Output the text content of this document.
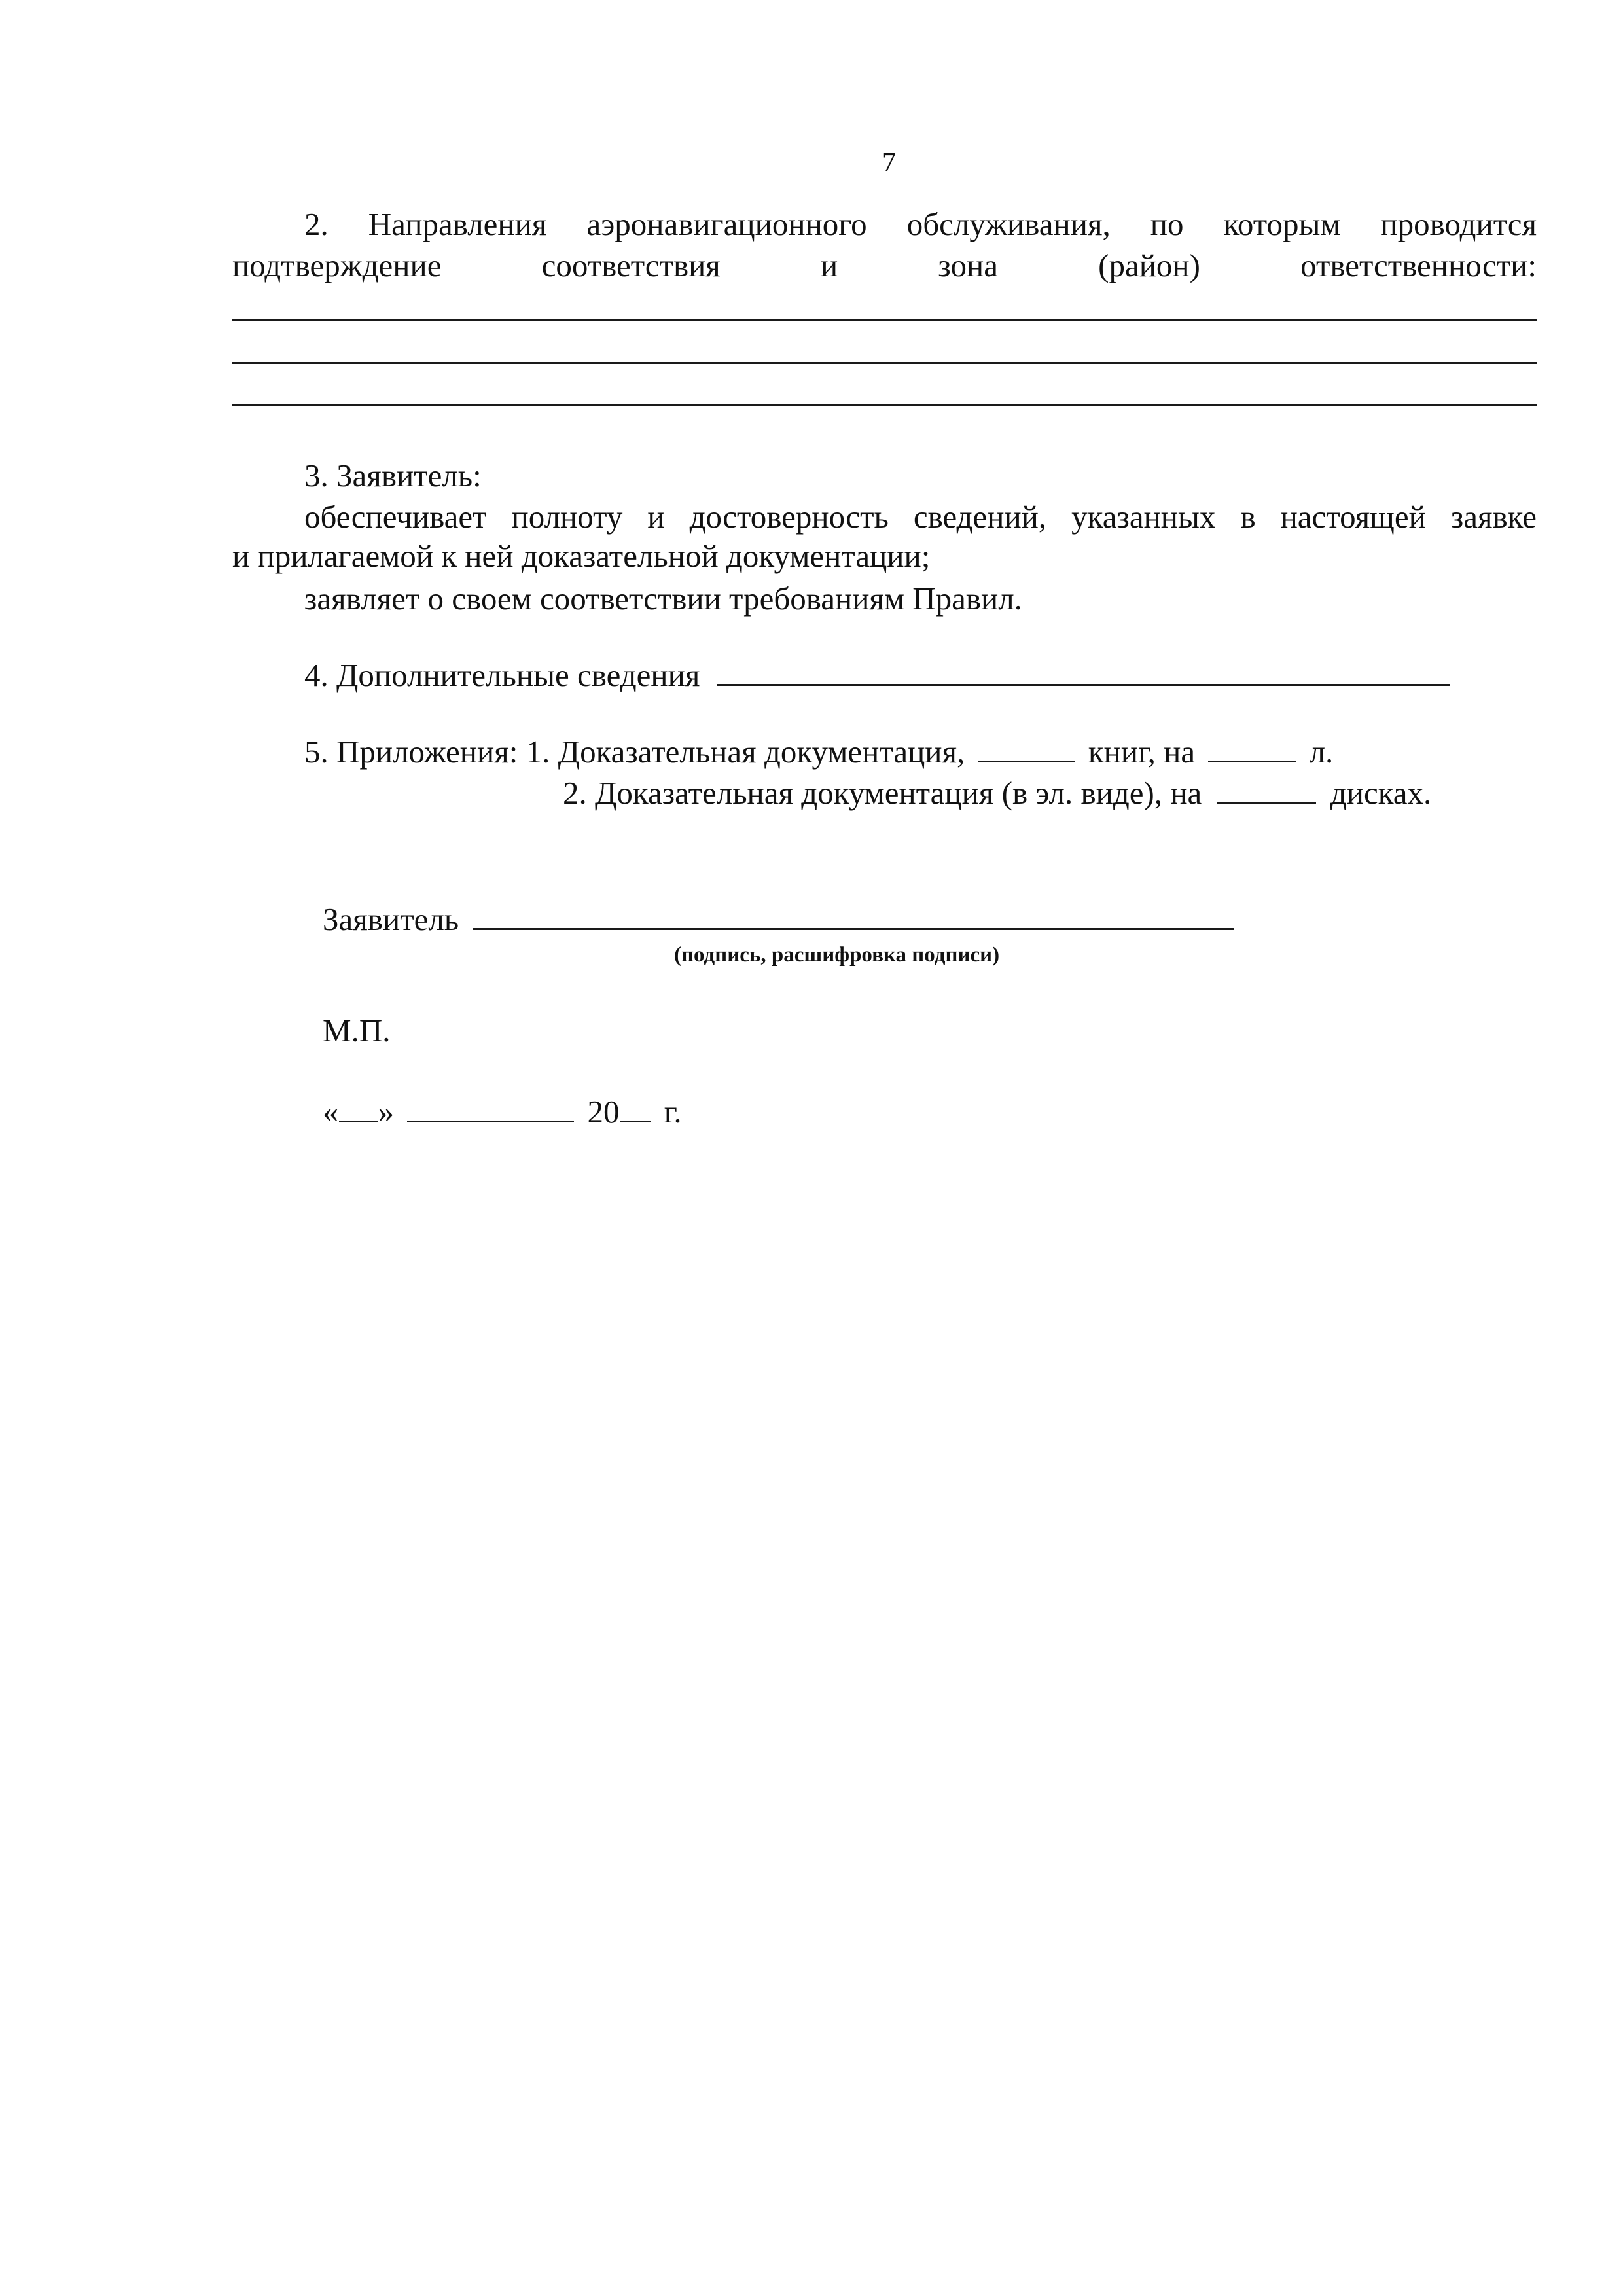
7
2. Направления аэронавигационного обслуживания, по которым проводится
подтверждение	соответствия	и	зона	(район)	ответственности:
3. Заявитель:
обеспечивает полноту и достоверность сведений, указанных в настоящей заявке
и прилагаемой к ней доказательной документации;
заявляет о своем соответствии требованиям Правил.
4. Дополнительные сведения
5. Приложения: 1. Доказательная документация,	книг, на	л.
2. Доказательная документация (в эл. виде), на	дисках.
Заявитель
(подпись, расшифровка подписи)
М.П.
« »	20 г.
